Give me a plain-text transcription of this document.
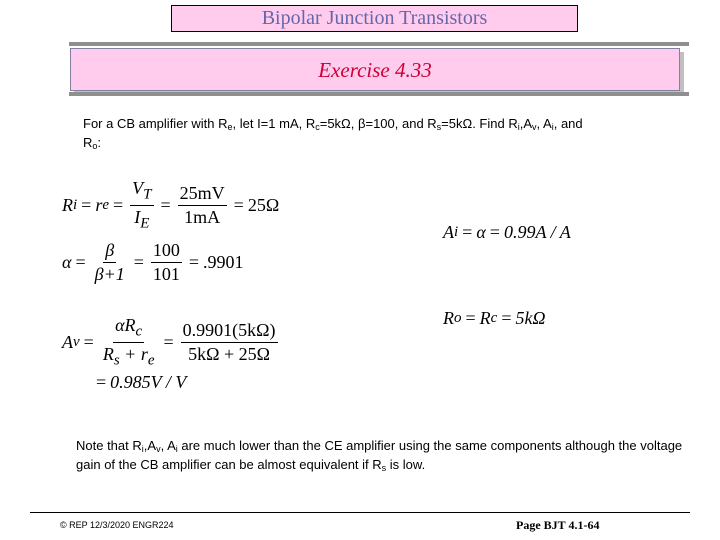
Bipolar Junction Transistors
Exercise 4.33
For a CB amplifier with $R_e$, let I=1 mA, $R_c=5k\Omega$, β=100, and $R_s=5k\Omega$. Find $R_i,A_v$, $A_i$, and
$R_o$:
R i = r $e = \frac{V_T}{I_E} = \frac{25mV}{1mA} = 25\Omega$
$\alpha = \frac{\beta}{\beta+1} = \frac{100}{101} = .9901$
A $v = \frac{\alpha R_c}{R_s + r_e} = \frac{0.9901(5k\Omega)}{5k\Omega + 25\Omega}$
= 0.985V / V
A i = α = 0.99A / A
R o = R c = 5kΩ
Note that $R_i,A_v$, $A_i$ are much lower than the CE amplifier using the same components although the voltage gain of the CB amplifier can be almost equivalent if $R_s$ is low.
© REP 12/3/2020 ENGR224	Page BJT 4.1-64
